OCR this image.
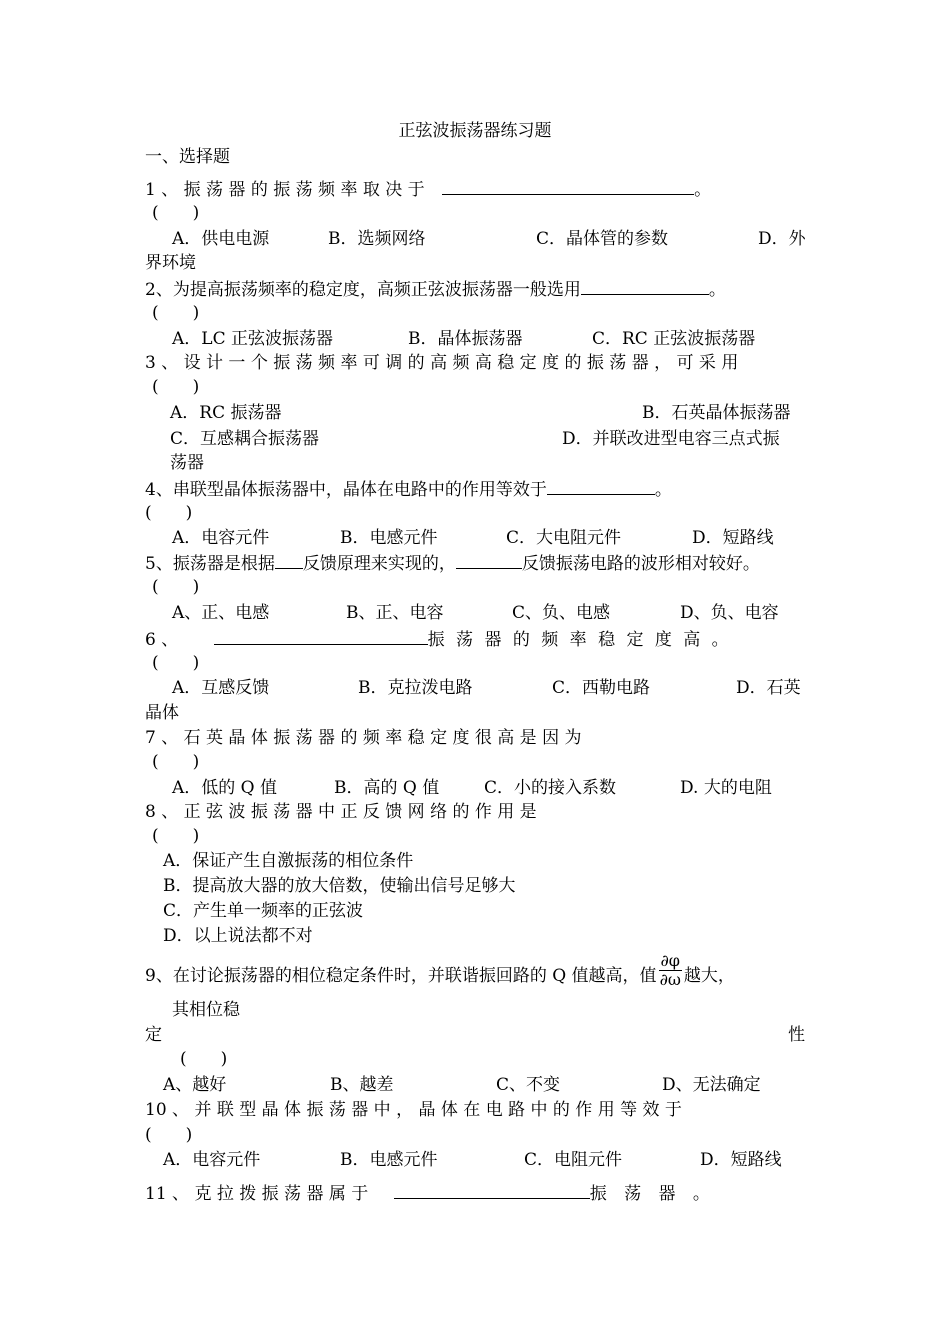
正弦波振荡器练习题
一、选择题
1 、 振 荡 器 的 振 荡 频 率 取 决 于	。
(　　)
A．供电电源	B．选频网络	C．晶体管的参数	D．外
界环境
2、为提高振荡频率的稳定度，高频正弦波振荡器一般选用	。
(　　)
A．LC 正弦波振荡器	B．晶体振荡器	C．RC 正弦波振荡器
3 、 设 计 一 个 振 荡 频 率 可 调 的 高 频 高 稳 定 度 的 振 荡 器 ， 可 采 用
(　　)
A．RC 振荡器	B．石英晶体振荡器
C．互感耦合振荡器	D．并联改进型电容三点式振
荡器
4、串联型晶体振荡器中，晶体在电路中的作用等效于	。
(　　)
A．电容元件	B．电感元件	C．大电阻元件	D．短路线
5、振荡器是根据 反馈原理来实现的，	反馈振荡电路的波形相对较好。
(　　)
A、正、电感	B、正、电容	C、负、电感	D、负、电容
6 、	振 荡 器 的 频 率 稳 定 度 高 。
(　　)
A．互感反馈	B．克拉泼电路	C．西勒电路	D．石英
晶体
7 、 石 英 晶 体 振 荡 器 的 频 率 稳 定 度 很 高 是 因 为
(　　)
A．低的 Q 值	B．高的 Q 值	C．小的接入系数	D. 大的电阻
8 、 正 弦 波 振 荡 器 中 正 反 馈 网 络 的 作 用 是
(　　)
A．保证产生自激振荡的相位条件
B．提高放大器的放大倍数，使输出信号足够大
C．产生单一频率的正弦波
D．以上说法都不对
9、在讨论振荡器的相位稳定条件时，并联谐振回路的 Q 值越高，值 $\frac{\partial\varphi}{\partial\omega}$ 越大，
其相位稳
定	性
(　　)
A、越好	B、越差	C、不变	D、无法确定
10 、 并 联 型 晶 体 振 荡 器 中 ， 晶 体 在 电 路 中 的 作 用 等 效 于
(　　)
A．电容元件	B．电感元件	C．电阻元件	D．短路线
11 、 克 拉 拨 振 荡 器 属 于	振 荡 器 。
